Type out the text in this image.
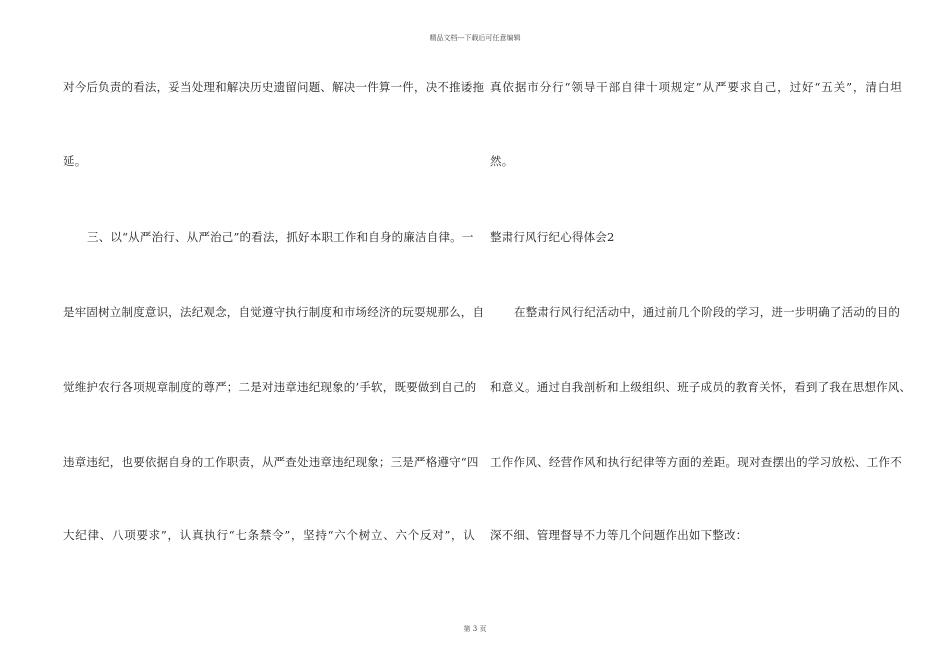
精品文档---下载后可任意编辑
对今后负责的看法，妥当处理和解决历史遗留问题、解决一件算一件，决不推诿拖
延。
三、以“从严治行、从严治己”的看法，抓好本职工作和自身的廉洁自律。一
是牢固树立制度意识，法纪观念，自觉遵守执行制度和市场经济的玩耍规那么，自
觉维护农行各项规章制度的尊严；二是对违章违纪现象的’手软，既要做到自己的
违章违纪，也要依据自身的工作职责，从严查处违章违纪现象；三是严格遵守“四
大纪律、八项要求”，认真执行“七条禁令”，坚持“六个树立、六个反对”，认
真依据市分行“领导干部自律十项规定”从严要求自己，过好“五关”，清白坦
然。
整肃行风行纪心得体会2
在整肃行风行纪活动中，通过前几个阶段的学习，进一步明确了活动的目的
和意义。通过自我剖析和上级组织、班子成员的教育关怀，看到了我在思想作风、
工作作风、经营作风和执行纪律等方面的差距。现对查摆出的学习放松、工作不
深不细、管理督导不力等几个问题作出如下整改：
第 3 页
